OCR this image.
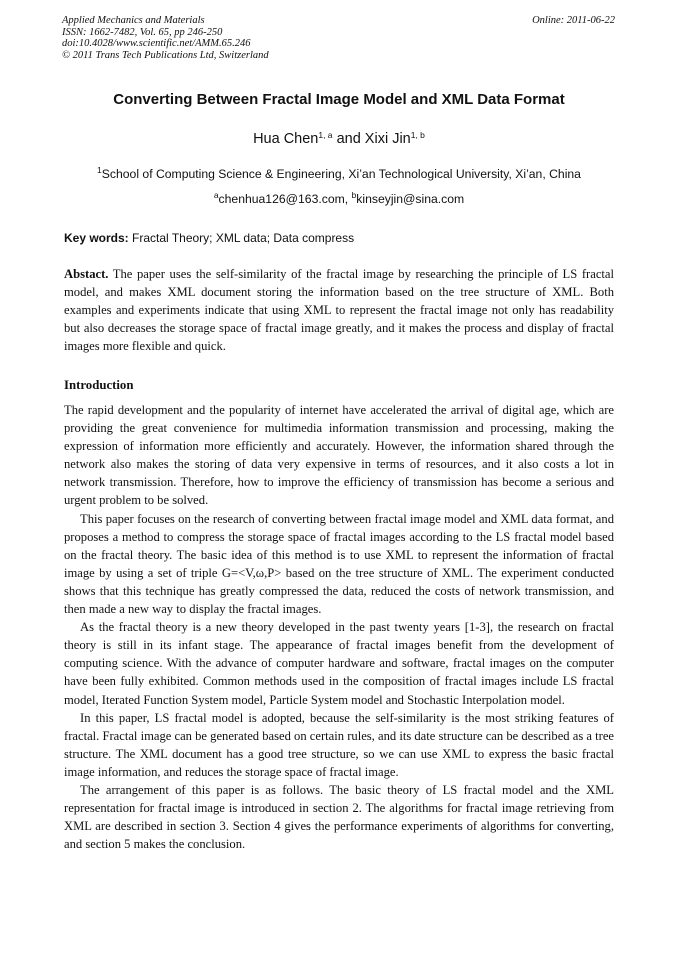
Applied Mechanics and Materials
ISSN: 1662-7482, Vol. 65, pp 246-250
doi:10.4028/www.scientific.net/AMM.65.246
© 2011 Trans Tech Publications Ltd, Switzerland
Online: 2011-06-22
Converting Between Fractal Image Model and XML Data Format
Hua Chen$^{1, a}$ and Xixi Jin$^{1, b}$
$^1$School of Computing Science & Engineering, Xi’an Technological University, Xi’an, China
$^a$chenhua126@163.com, $^b$kinseyjin@sina.com
Key words: Fractal Theory; XML data; Data compress

Abstact. The paper uses the self-similarity of the fractal image by researching the principle of LS fractal model, and makes XML document storing the information based on the tree structure of XML. Both examples and experiments indicate that using XML to represent the fractal image not only has readability but also decreases the storage space of fractal image greatly, and it makes the process and display of fractal images more flexible and quick.

Introduction

The rapid development and the popularity of internet have accelerated the arrival of digital age, which are providing the great convenience for multimedia information transmission and processing, making the expression of information more efficiently and accurately. However, the information shared through the network also makes the storing of data very expensive in terms of resources, and it also costs a lot in network transmission. Therefore, how to improve the efficiency of transmission has become a serious and urgent problem to be solved.

This paper focuses on the research of converting between fractal image model and XML data format, and proposes a method to compress the storage space of fractal images according to the LS fractal model based on the fractal theory. The basic idea of this method is to use XML to represent the information of fractal image by using a set of triple G=<V,ω,P> based on the tree structure of XML. The experiment conducted shows that this technique has greatly compressed the data, reduced the costs of network transmission, and then made a new way to display the fractal images.

As the fractal theory is a new theory developed in the past twenty years [1-3], the research on fractal theory is still in its infant stage. The appearance of fractal images benefit from the development of computing science. With the advance of computer hardware and software, fractal images on the computer have been fully exhibited. Common methods used in the composition of fractal images include LS fractal model, Iterated Function System model, Particle System model and Stochastic Interpolation model.

In this paper, LS fractal model is adopted, because the self-similarity is the most striking features of fractal. Fractal image can be generated based on certain rules, and its date structure can be described as a tree structure. The XML document has a good tree structure, so we can use XML to express the basic fractal image information, and reduces the storage space of fractal image.

The arrangement of this paper is as follows. The basic theory of LS fractal model and the XML representation for fractal image is introduced in section 2. The algorithms for fractal image retrieving from XML are described in section 3. Section 4 gives the performance experiments of algorithms for converting, and section 5 makes the conclusion.
